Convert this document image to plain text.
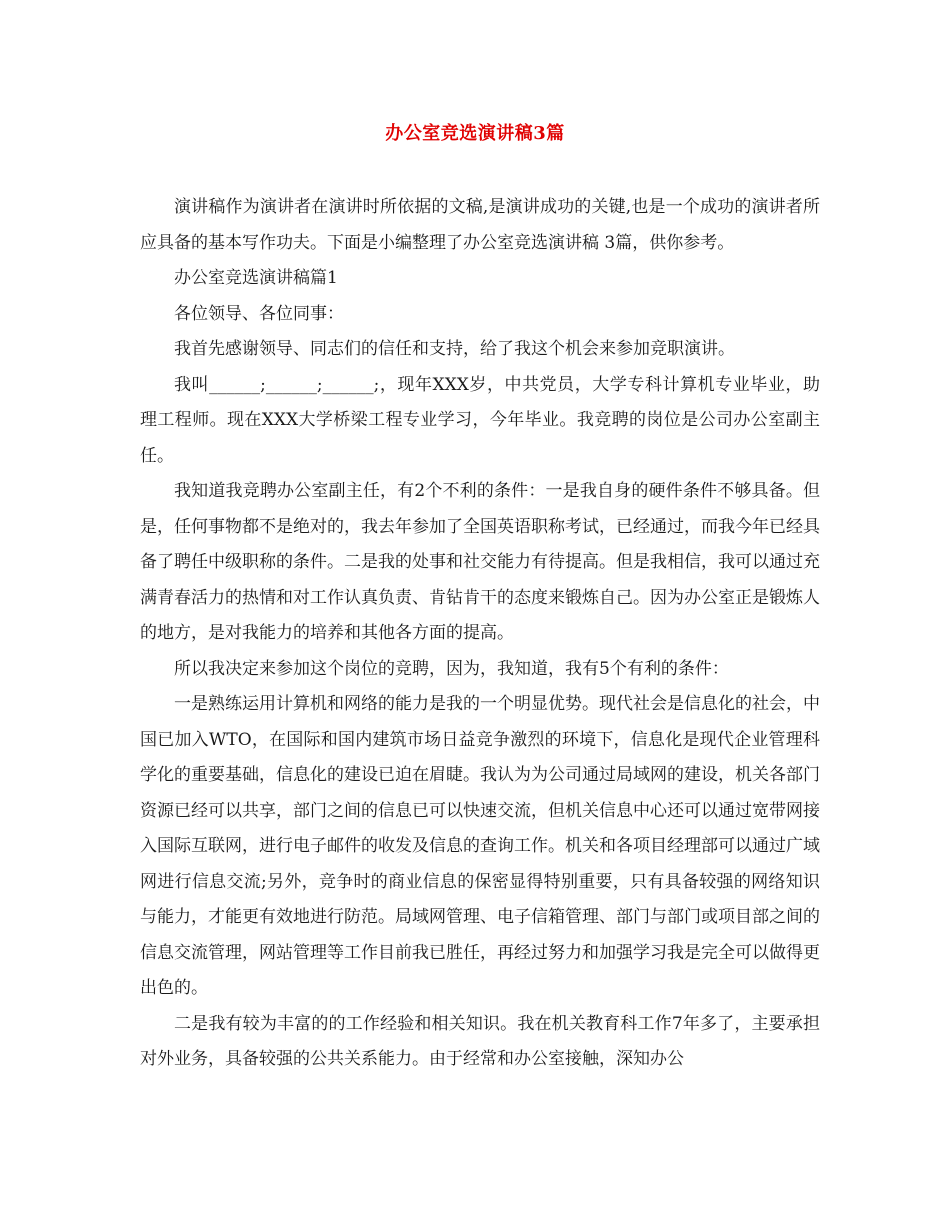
办公室竞选演讲稿3篇

演讲稿作为演讲者在演讲时所依据的文稿,是演讲成功的关键,也是一个成功的演讲者所应具备的基本写作功夫。下面是小编整理了办公室竞选演讲稿 3篇，供你参考。

办公室竞选演讲稿篇1

各位领导、各位同事：

我首先感谢领导、同志们的信任和支持，给了我这个机会来参加竞职演讲。

我叫______;______;______;，现年XXX岁，中共党员，大学专科计算机专业毕业，助理工程师。现在XXX大学桥梁工程专业学习，今年毕业。我竞聘的岗位是公司办公室副主任。

我知道我竞聘办公室副主任，有2个不利的条件：一是我自身的硬件条件不够具备。但是，任何事物都不是绝对的，我去年参加了全国英语职称考试，已经通过，而我今年已经具备了聘任中级职称的条件。二是我的处事和社交能力有待提高。但是我相信，我可以通过充满青春活力的热情和对工作认真负责、肯钻肯干的态度来锻炼自己。因为办公室正是锻炼人的地方，是对我能力的培养和其他各方面的提高。

所以我决定来参加这个岗位的竞聘，因为，我知道，我有5个有利的条件：

一是熟练运用计算机和网络的能力是我的一个明显优势。现代社会是信息化的社会，中国已加入WTO，在国际和国内建筑市场日益竞争激烈的环境下，信息化是现代企业管理科学化的重要基础，信息化的建设已迫在眉睫。我认为为公司通过局域网的建设，机关各部门资源已经可以共享，部门之间的信息已可以快速交流，但机关信息中心还可以通过宽带网接入国际互联网，进行电子邮件的收发及信息的查询工作。机关和各项目经理部可以通过广域网进行信息交流;另外，竞争时的商业信息的保密显得特别重要，只有具备较强的网络知识与能力，才能更有效地进行防范。局域网管理、电子信箱管理、部门与部门或项目部之间的信息交流管理，网站管理等工作目前我已胜任，再经过努力和加强学习我是完全可以做得更出色的。

二是我有较为丰富的的工作经验和相关知识。我在机关教育科工作7年多了，主要承担对外业务，具备较强的公共关系能力。由于经常和办公室接触，深知办公
